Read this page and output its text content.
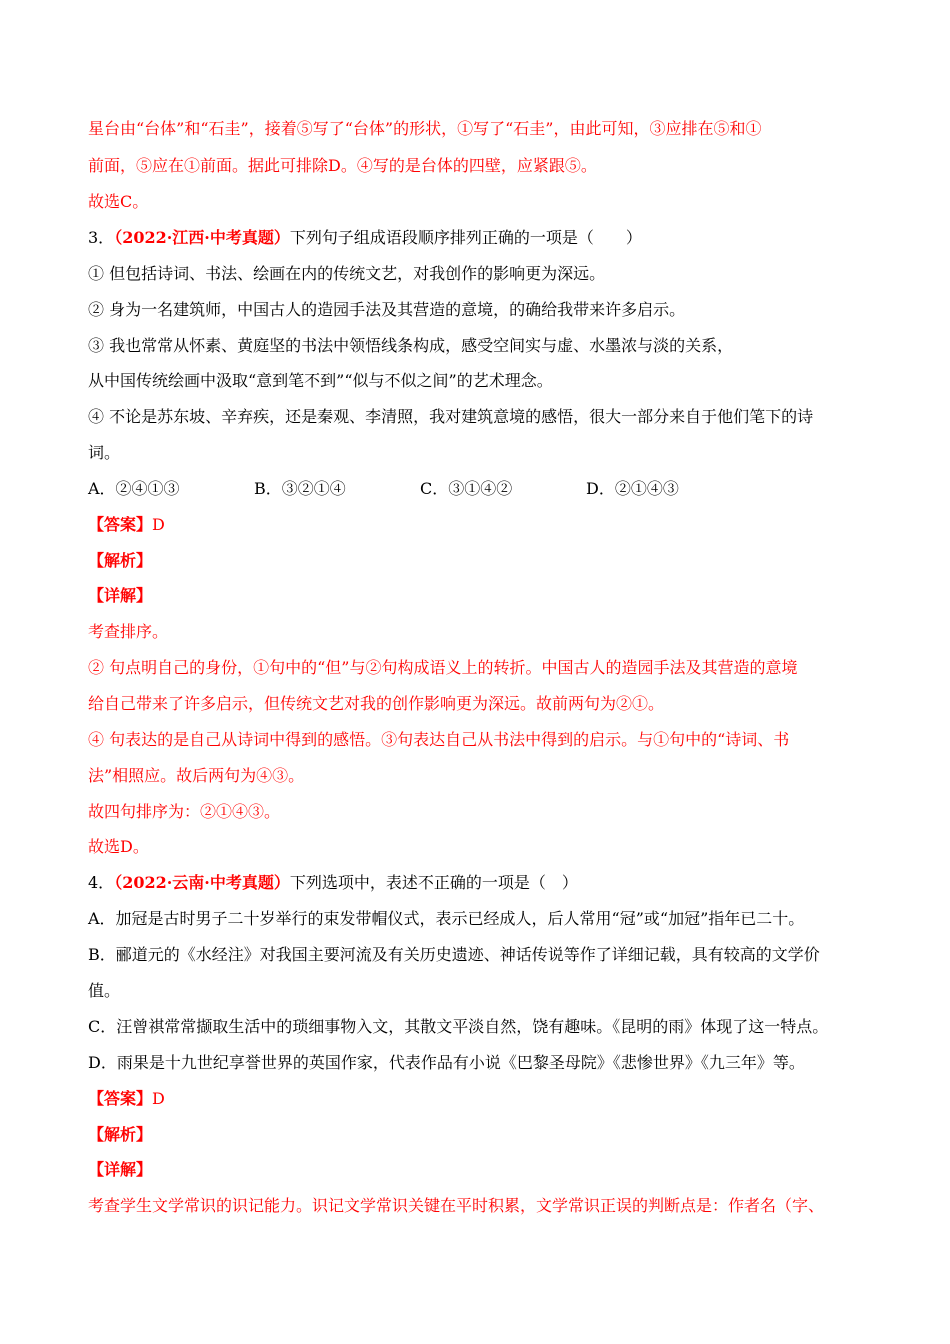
星台由“台体”和“石圭”，接着⑤写了“台体”的形状，①写了“石圭”，由此可知，③应排在⑤和①
前面，⑤应在①前面。据此可排除D。④写的是台体的四壁，应紧跟⑤。
故选C。
3．（2022·江西·中考真题）下列句子组成语段顺序排列正确的一项是（　　）
① 但包括诗词、书法、绘画在内的传统文艺，对我创作的影响更为深远。
② 身为一名建筑师，中国古人的造园手法及其营造的意境，的确给我带来许多启示。
③ 我也常常从怀素、黄庭坚的书法中领悟线条构成，感受空间实与虚、水墨浓与淡的关系，
从中国传统绘画中汲取“意到笔不到”“似与不似之间”的艺术理念。
④ 不论是苏东坡、辛弃疾，还是秦观、李清照，我对建筑意境的感悟，很大一部分来自于他们笔下的诗
词。
A．②④①③	B．③②①④	C．③①④②	D．②①④③
【答案】D
【解析】
【详解】
考查排序。
② 句点明自己的身份，①句中的“但”与②句构成语义上的转折。中国古人的造园手法及其营造的意境
给自己带来了许多启示，但传统文艺对我的创作影响更为深远。故前两句为②①。
④ 句表达的是自己从诗词中得到的感悟。③句表达自己从书法中得到的启示。与①句中的“诗词、书
法”相照应。故后两句为④③。
故四句排序为：②①④③。
故选D。
4．（2022·云南·中考真题）下列选项中，表述不正确的一项是（　）
A．加冠是古时男子二十岁举行的束发带帽仪式，表示已经成人，后人常用“冠”或“加冠”指年已二十。
B．郦道元的《水经注》对我国主要河流及有关历史遗迹、神话传说等作了详细记载，具有较高的文学价
值。
C．汪曾祺常常撷取生活中的琐细事物入文，其散文平淡自然，饶有趣味。《昆明的雨》体现了这一特点。
D．雨果是十九世纪享誉世界的英国作家，代表作品有小说《巴黎圣母院》《悲惨世界》《九三年》等。
【答案】D
【解析】
【详解】
考查学生文学常识的识记能力。识记文学常识关键在平时积累，文学常识正误的判断点是：作者名（字、
